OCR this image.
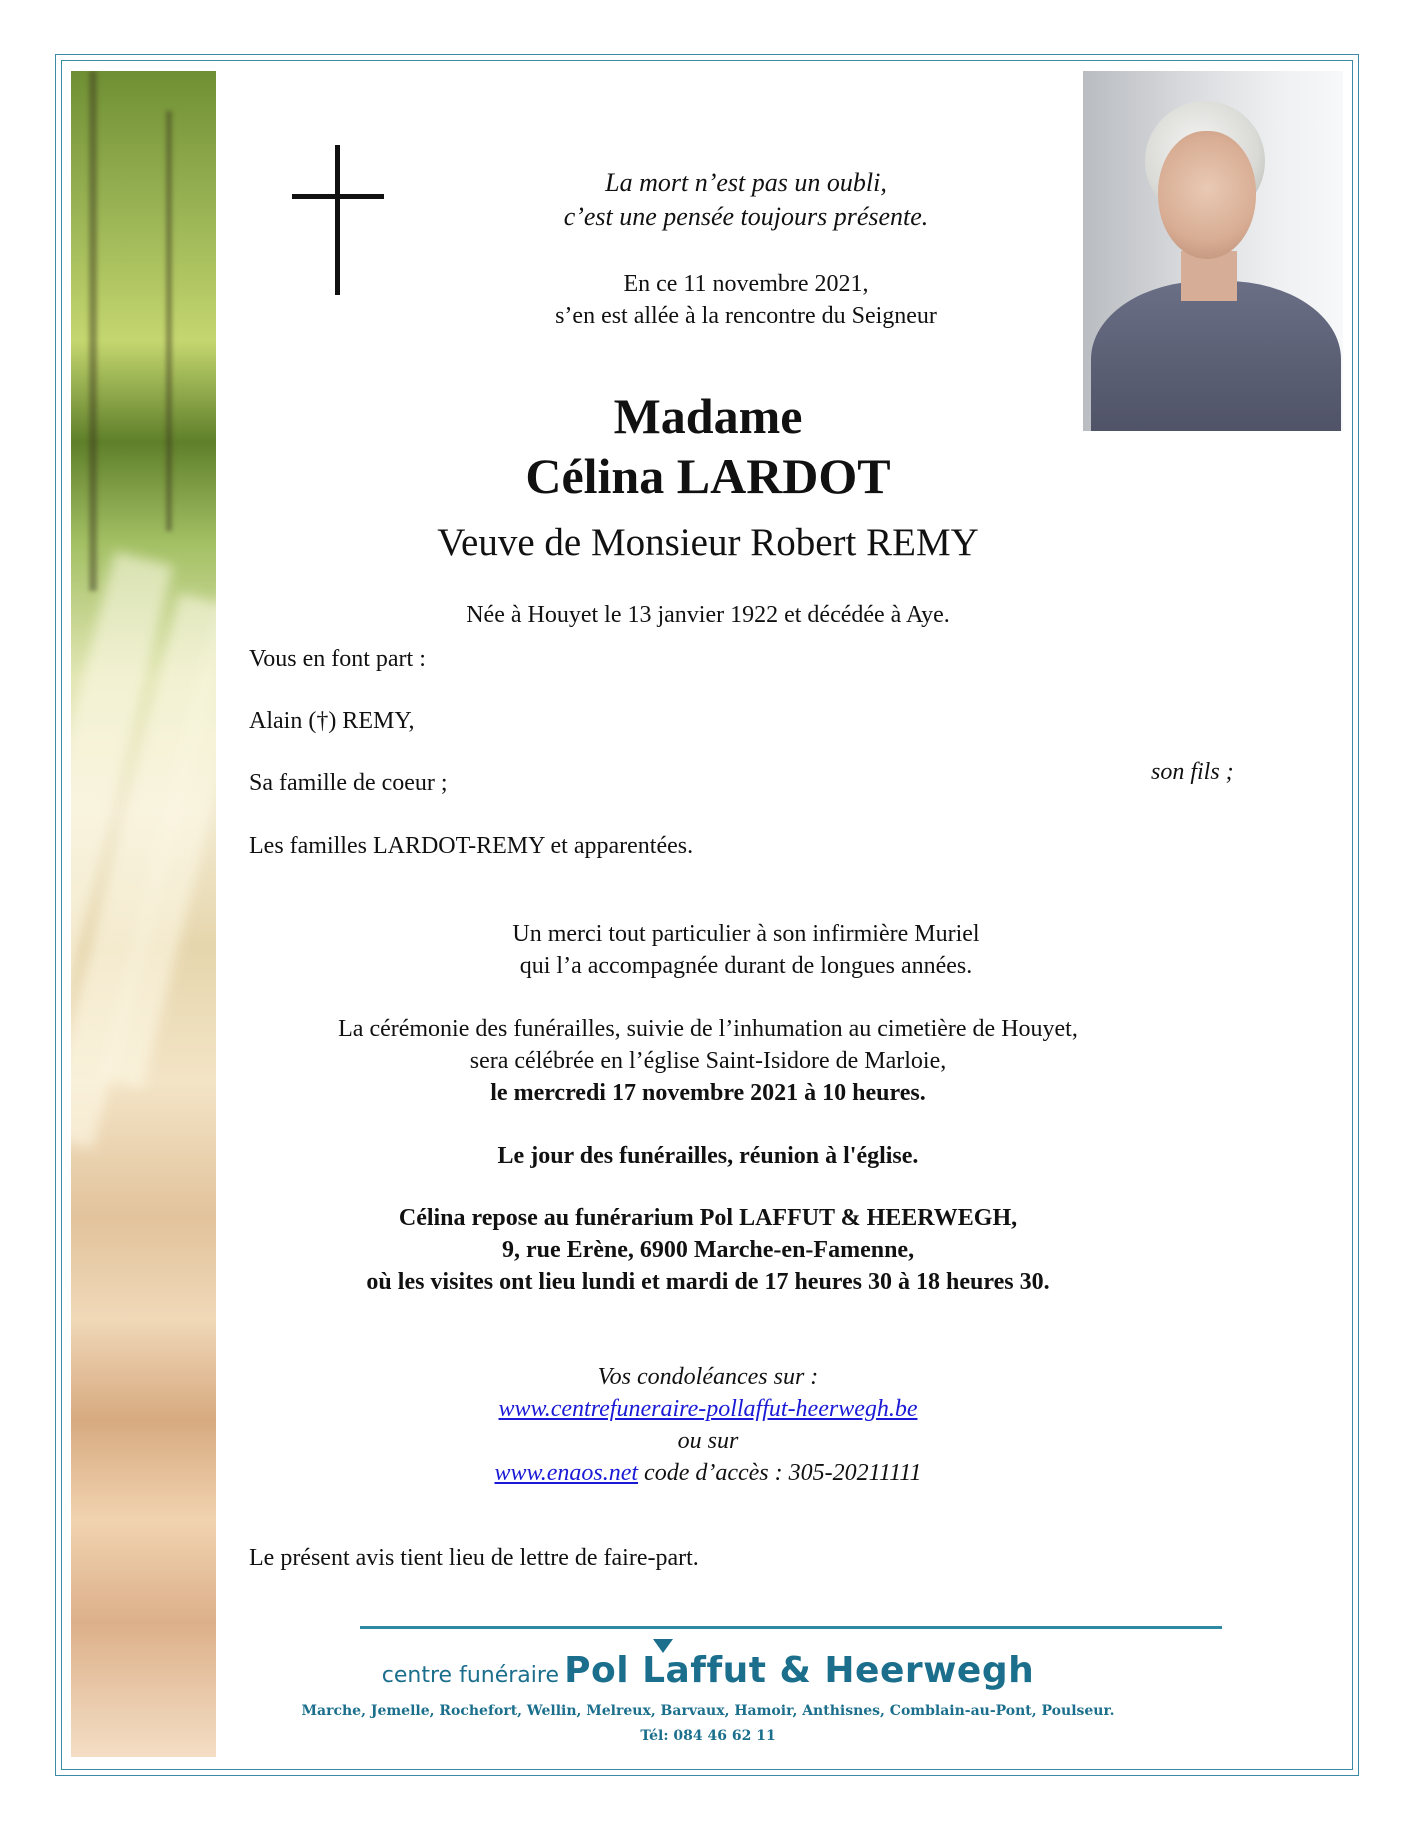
La mort n’est pas un oubli,
c’est une pensée toujours présente.
En ce 11 novembre 2021,
s’en est allée à la rencontre du Seigneur
Madame
Célina LARDOT
Veuve de Monsieur Robert REMY
Née à Houyet le 13 janvier 1922 et décédée à Aye.

Vous en font part :

Alain (†) REMY,

son fils ;

Sa famille de coeur ;

Les familles LARDOT-REMY et apparentées.

Un merci tout particulier à son infirmière Muriel
qui l’a accompagnée durant de longues années.
La cérémonie des funérailles, suivie de l’inhumation au cimetière de Houyet,
sera célébrée en l’église Saint-Isidore de Marloie,
le mercredi 17 novembre 2021 à 10 heures.
Le jour des funérailles, réunion à l'église.
Célina repose au funérarium Pol LAFFUT & HEERWEGH,
9, rue Erène, 6900 Marche-en-Famenne,
où les visites ont lieu lundi et mardi de 17 heures 30 à 18 heures 30.
Vos condoléances sur :
www.centrefuneraire-pollaffut-heerwegh.be
ou sur
www.enaos.net code d’accès : 305-20211111

Le présent avis tient lieu de lettre de faire-part.

centre funéraire Pol Laffut & Heerwegh
Marche, Jemelle, Rochefort, Wellin, Melreux, Barvaux, Hamoir, Anthisnes, Comblain-au-Pont, Poulseur.
Tél: 084 46 62 11
